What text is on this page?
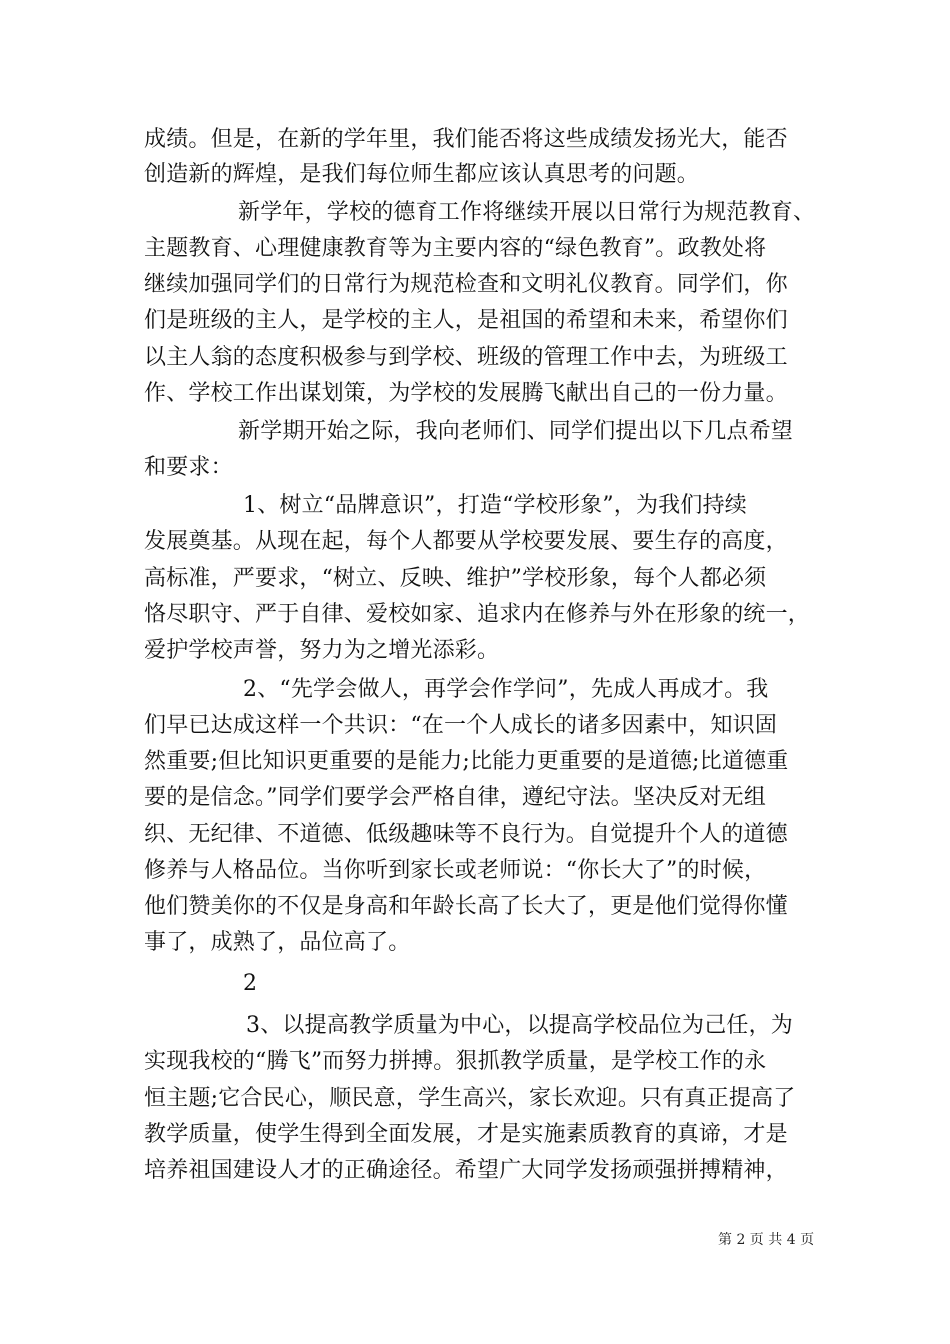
成绩。但是，在新的学年里，我们能否将这些成绩发扬光大，能否
创造新的辉煌，是我们每位师生都应该认真思考的问题。
新学年，学校的德育工作将继续开展以日常行为规范教育、
主题教育、心理健康教育等为主要内容的“绿色教育”。政教处将
继续加强同学们的日常行为规范检查和文明礼仪教育。同学们，你
们是班级的主人，是学校的主人，是祖国的希望和未来，希望你们
以主人翁的态度积极参与到学校、班级的管理工作中去，为班级工
作、学校工作出谋划策，为学校的发展腾飞献出自己的一份力量。
新学期开始之际，我向老师们、同学们提出以下几点希望
和要求：
1、树立“品牌意识”，打造“学校形象”，为我们持续
发展奠基。从现在起，每个人都要从学校要发展、要生存的高度，
高标准，严要求，“树立、反映、维护”学校形象，每个人都必须
恪尽职守、严于自律、爱校如家、追求内在修养与外在形象的统一，
爱护学校声誉，努力为之增光添彩。
2、“先学会做人，再学会作学问”，先成人再成才。我
们早已达成这样一个共识：“在一个人成长的诸多因素中，知识固
然重要;但比知识更重要的是能力;比能力更重要的是道德;比道德重
要的是信念。”同学们要学会严格自律，遵纪守法。坚决反对无组
织、无纪律、不道德、低级趣味等不良行为。自觉提升个人的道德
修养与人格品位。当你听到家长或老师说：“你长大了”的时候，
他们赞美你的不仅是身高和年龄长高了长大了，更是他们觉得你懂
事了，成熟了，品位高了。
2
3、以提高教学质量为中心，以提高学校品位为己任，为
实现我校的“腾飞”而努力拼搏。狠抓教学质量，是学校工作的永
恒主题;它合民心，顺民意，学生高兴，家长欢迎。只有真正提高了
教学质量，使学生得到全面发展，才是实施素质教育的真谛，才是
培养祖国建设人才的正确途径。希望广大同学发扬顽强拼搏精神，
第 2 页 共 4 页
